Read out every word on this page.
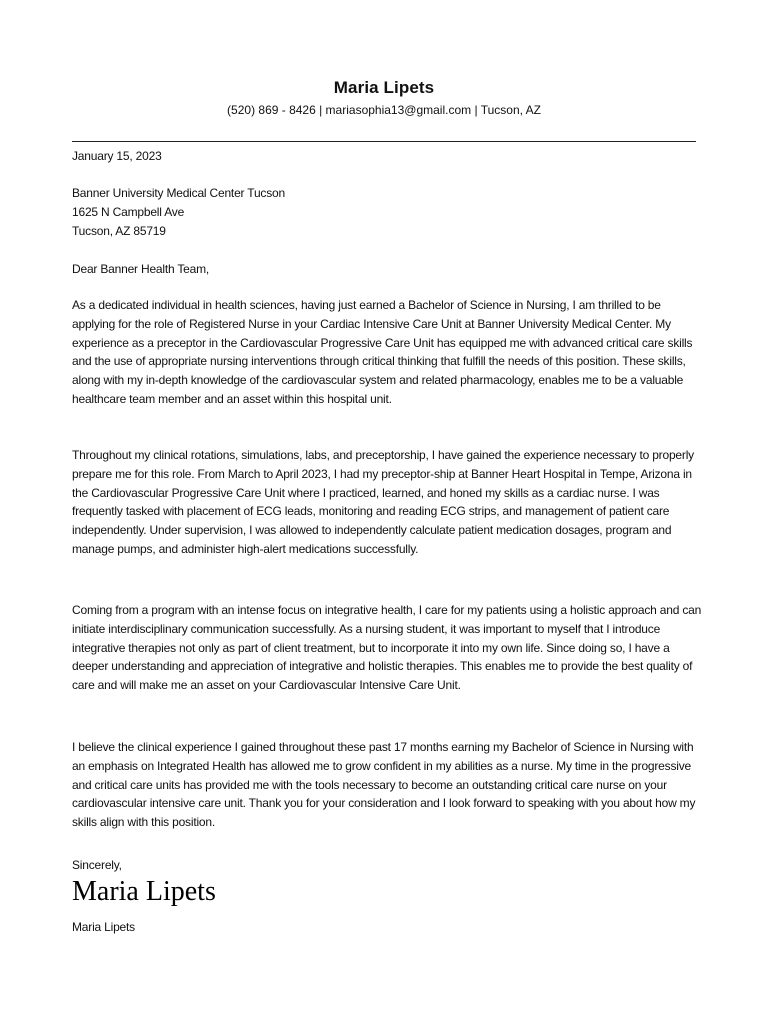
Maria Lipets
(520) 869 - 8426 | mariasophia13@gmail.com | Tucson, AZ
January 15, 2023
Banner University Medical Center Tucson
1625 N Campbell Ave
Tucson, AZ 85719
Dear Banner Health Team,

As a dedicated individual in health sciences, having just earned a Bachelor of Science in Nursing, I am thrilled to be applying for the role of Registered Nurse in your Cardiac Intensive Care Unit at Banner University Medical Center. My experience as a preceptor in the Cardiovascular Progressive Care Unit has equipped me with advanced critical care skills and the use of appropriate nursing interventions through critical thinking that fulfill the needs of this position. These skills, along with my in-depth knowledge of the cardiovascular system and related pharmacology, enables me to be a valuable healthcare team member and an asset within this hospital unit.

Throughout my clinical rotations, simulations, labs, and preceptorship, I have gained the experience necessary to properly prepare me for this role. From March to April 2023, I had my preceptor-ship at Banner Heart Hospital in Tempe, Arizona in the Cardiovascular Progressive Care Unit where I practiced, learned, and honed my skills as a cardiac nurse. I was frequently tasked with placement of ECG leads, monitoring and reading ECG strips, and management of patient care independently. Under supervision, I was allowed to independently calculate patient medication dosages, program and manage pumps, and administer high-alert medications successfully.

Coming from a program with an intense focus on integrative health, I care for my patients using a holistic approach and can initiate interdisciplinary communication successfully. As a nursing student, it was important to myself that I introduce integrative therapies not only as part of client treatment, but to incorporate it into my own life. Since doing so, I have a deeper understanding and appreciation of integrative and holistic therapies. This enables me to provide the best quality of care and will make me an asset on your Cardiovascular Intensive Care Unit.

I believe the clinical experience I gained throughout these past 17 months earning my Bachelor of Science in Nursing with an emphasis on Integrated Health has allowed me to grow confident in my abilities as a nurse. My time in the progressive and critical care units has provided me with the tools necessary to become an outstanding critical care nurse on your cardiovascular intensive care unit. Thank you for your consideration and I look forward to speaking with you about how my skills align with this position.

Sincerely,
Maria Lipets
Maria Lipets
